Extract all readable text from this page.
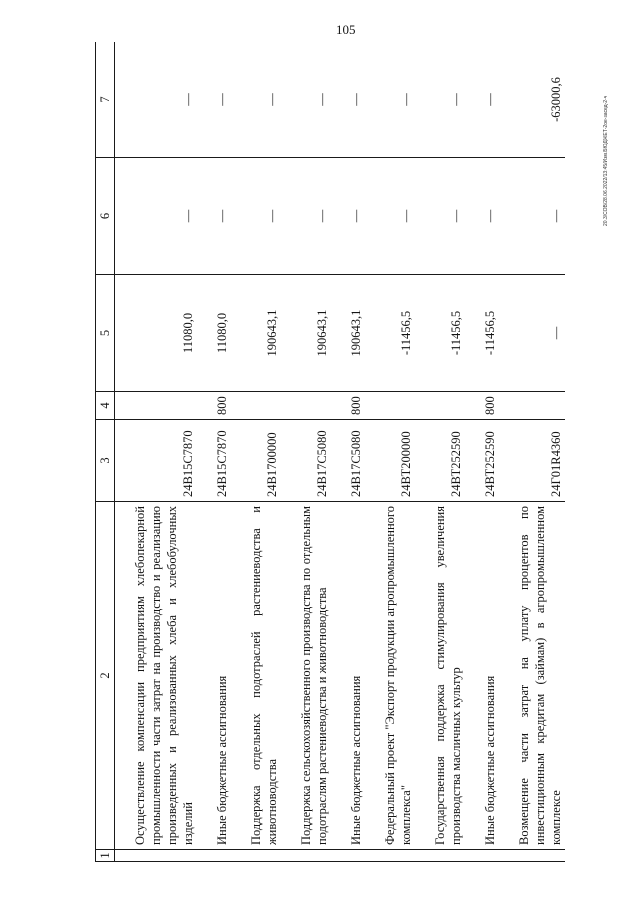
105
20.3/СОВ/28.06.2022/13:45/Изм.БЮДЖЕТ-2ое-засед-2-ч
1	2	3	4	5	6	7

	Осуществление компенсации предприятиям хлебопекарной промышленности части затрат на производство и реализацию произведенных и реализованных хлеба и хлебобулочных изделий	24В15С7870		11080,0	—	—

	Иные бюджетные ассигнования	24В15С7870	800	11080,0	—	—

	Поддержка отдельных подотраслей растениеводства и животноводства	24В1700000		190643,1	—	—

	Поддержка сельскохозяйственного производства по отдельным подотраслям растениеводства и животноводства	24В17С5080		190643,1	—	—

	Иные бюджетные ассигнования	24В17С5080	800	190643,1	—	—

	Федеральный проект "Экспорт продукции агропромышленного комплекса"	24ВТ200000		-11456,5	—	—

	Государственная поддержка стимулирования увеличения производства масличных культур	24ВТ252590		-11456,5	—	—

	Иные бюджетные ассигнования	24ВТ252590	800	-11456,5	—	—

	Возмещение части затрат на уплату процентов по инвестиционным кредитам (займам) в агропромышленном комплексе	24Г01R4360		—	—	-63000,6
